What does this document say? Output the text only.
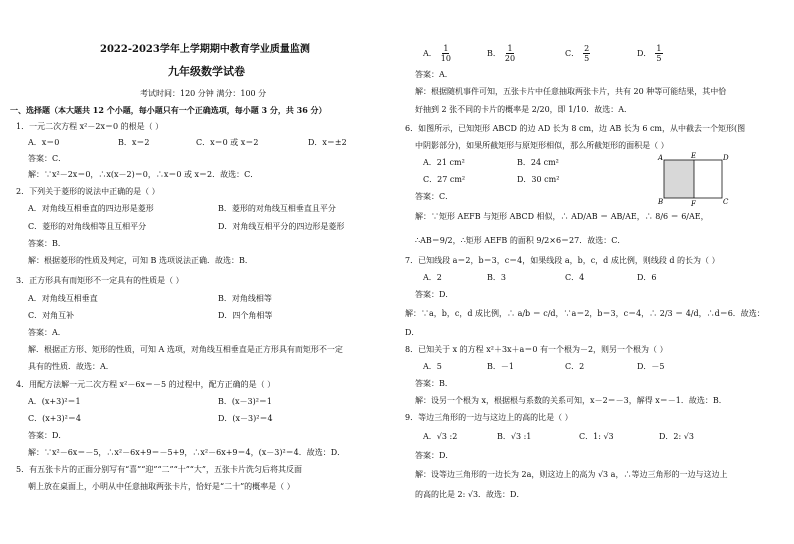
2022-2023学年上学期期中教育学业质量监测
九年级数学试卷
考试时间：120 分钟 满分：100 分
一、选择题（本大题共 12 个小题，每小题只有一个正确选项，每小题 3 分，共 36 分）
1．一元二次方程 x²－2x＝0 的根是（ ）
A．x＝0	B．x＝2	C．x＝0 或 x＝2	D．x＝±2
答案：C．
解：∵x²－2x＝0，∴x(x－2)＝0，∴x＝0 或 x＝2．故选：C．
2．下列关于菱形的说法中正确的是（ ）
A．对角线互相垂直的四边形是菱形	B．菱形的对角线互相垂直且平分
C．菱形的对角线相等且互相平分	D．对角线互相平分的四边形是菱形
答案：B．
解：根据菱形的性质及判定，可知 B 选项说法正确．故选：B．
3．正方形具有而矩形不一定具有的性质是（ ）
A．对角线互相垂直	B．对角线相等
C．对角互补	D．四个角相等
答案：A．
解．根据正方形、矩形的性质，可知 A 选项，对角线互相垂直是正方形具有而矩形不一定
具有的性质．故选：A．
4．用配方法解一元二次方程 x²－6x＝－5 的过程中，配方正确的是（ ）
A．(x+3)²＝1	B．(x－3)²＝1
C．(x+3)²＝4	D．(x－3)²＝4
答案：D．
解：∵x²－6x＝－5，∴x²－6x+9＝－5+9，∴x²－6x+9＝4，(x－3)²＝4．故选：D．
5．有五张卡片的正面分别写有“喜”“迎”“二”“十”“大”，五张卡片洗匀后将其反面
朝上放在桌面上，小明从中任意抽取两张卡片，恰好是“二十”的概率是（ ）
A． $\frac{1}{10}$	B． $\frac{1}{20}$	C． $\frac{2}{5}$	D． $\frac{1}{5}$
A	E	D
B	F	C
答案：A．
解：根据随机事件可知，五张卡片中任意抽取两张卡片，共有 20 种等可能结果，其中恰
好抽到 2 张不同的卡片的概率是 2/20，即 1/10．故选：A．
6．如图所示，已知矩形 ABCD 的边 AD 长为 8 cm，边 AB 长为 6 cm，从中截去一个矩形(图
中阴影部分)，如果所截矩形与原矩形相似，那么所截矩形的面积是（ ）
A．21 cm²	B．24 cm²
C．27 cm²	D．30 cm²
答案：C．
解：∵矩形 AEFB 与矩形 ABCD 相似，∴ AD/AB ＝ AB/AE，∴ 8/6 ＝ 6/AE，
∴AB＝9/2，∴矩形 AEFB 的面积 9/2×6＝27．故选：C．
7．已知线段 a＝2，b＝3，c＝4，如果线段 a，b，c，d 成比例，则线段 d 的长为（ ）
A．2	B．3	C．4	D．6
答案：D．
解：∵a，b，c，d 成比例，∴ a/b ＝ c/d，∵a＝2，b＝3，c＝4，∴ 2/3 ＝ 4/d，∴d＝6．故选：
D．
8．已知关于 x 的方程 x²＋3x＋a＝0 有一个根为－2，则另一个根为（ ）
A．5	B．－1	C．2	D．－5
答案：B．
解：设另一个根为 x，根据根与系数的关系可知，x－2＝－3，解得 x＝－1．故选：B．
9．等边三角形的一边与这边上的高的比是（ ）
A．√3 :2	B．√3 :1	C．1: √3	D．2: √3
答案：D．
解：设等边三角形的一边长为 2a，则这边上的高为 √3 a，∴等边三角形的一边与这边上
的高的比是 2: √3．故选：D．
